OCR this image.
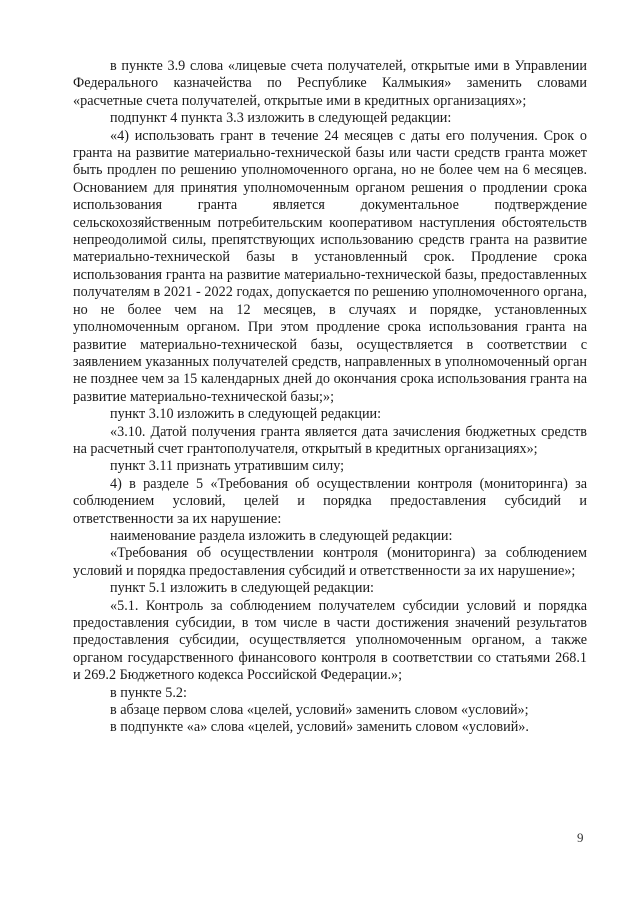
в пункте 3.9 слова «лицевые счета получателей, открытые ими в Управлении Федерального казначейства по Республике Калмыкия» заменить словами «расчетные счета получателей, открытые ими в кредитных организациях»;

подпункт 4 пункта 3.3 изложить в следующей редакции:

«4) использовать грант в течение 24 месяцев с даты его получения. Срок о гранта на развитие материально-технической базы или части средств гранта может быть продлен по решению уполномоченного органа, но не более чем на 6 месяцев. Основанием для принятия уполномоченным органом решения о продлении срока использования гранта является документальное подтверждение сельскохозяйственным потребительским кооперативом наступления обстоятельств непреодолимой силы, препятствующих использованию средств гранта на развитие материально-технической базы в установленный срок. Продление срока использования гранта на развитие материально-технической базы, предоставленных получателям в 2021 - 2022 годах, допускается по решению уполномоченного органа, но не более чем на 12 месяцев, в случаях и порядке, установленных уполномоченным органом. При этом продление срока использования гранта на развитие материально-технической базы, осуществляется в соответствии с заявлением указанных получателей средств, направленных в уполномоченный орган не позднее чем за 15 календарных дней до окончания срока использования гранта на развитие материально-технической базы;»;

пункт 3.10 изложить в следующей редакции:

«3.10. Датой получения гранта является дата зачисления бюджетных средств на расчетный счет грантополучателя, открытый в кредитных организациях»;

пункт 3.11 признать утратившим силу;

4) в разделе 5 «Требования об осуществлении контроля (мониторинга) за соблюдением условий, целей и порядка предоставления субсидий и ответственности за их нарушение:

наименование раздела изложить в следующей редакции:

«Требования об осуществлении контроля (мониторинга) за соблюдением условий и порядка предоставления субсидий и ответственности за их нарушение»;

пункт 5.1 изложить в следующей редакции:

«5.1. Контроль за соблюдением получателем субсидии условий и порядка предоставления субсидии, в том числе в части достижения значений результатов предоставления субсидии, осуществляется уполномоченным органом, а также органом государственного финансового контроля в соответствии со статьями 268.1 и 269.2 Бюджетного кодекса Российской Федерации.»;

в пункте 5.2:

в абзаце первом слова «целей, условий» заменить словом «условий»;

в подпункте «а» слова «целей, условий» заменить словом «условий».

9
